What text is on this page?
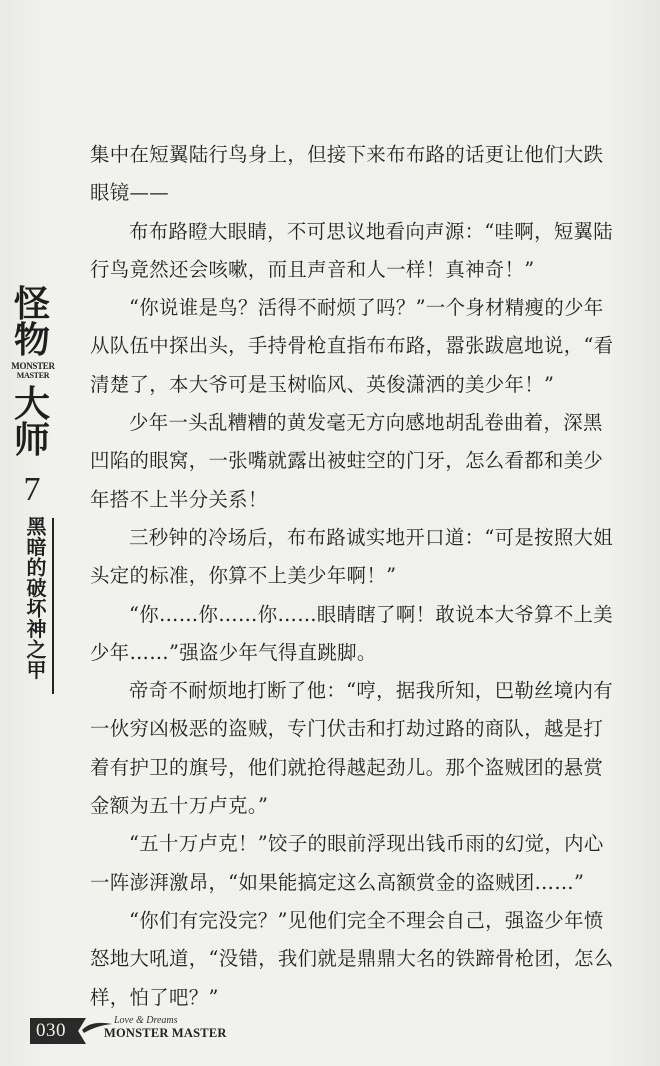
怪
物
MONSTER
MASTER
大
师
7
黑暗的破坏神之甲

集中在短翼陆行鸟身上，但接下来布布路的话更让他们大跌眼镜——

布布路瞪大眼睛，不可思议地看向声源：“哇啊，短翼陆行鸟竟然还会咳嗽，而且声音和人一样！真神奇！”

“你说谁是鸟？活得不耐烦了吗？”一个身材精瘦的少年从队伍中探出头，手持骨枪直指布布路，嚣张跋扈地说，“看清楚了，本大爷可是玉树临风、英俊潇洒的美少年！”

少年一头乱糟糟的黄发毫无方向感地胡乱卷曲着，深黑凹陷的眼窝，一张嘴就露出被蛀空的门牙，怎么看都和美少年搭不上半分关系！

三秒钟的冷场后，布布路诚实地开口道：“可是按照大姐头定的标准，你算不上美少年啊！”

“你……你……你……眼睛瞎了啊！敢说本大爷算不上美少年……”强盗少年气得直跳脚。

帝奇不耐烦地打断了他：“哼，据我所知，巴勒丝境内有一伙穷凶极恶的盗贼，专门伏击和打劫过路的商队，越是打着有护卫的旗号，他们就抢得越起劲儿。那个盗贼团的悬赏金额为五十万卢克。”

“五十万卢克！”饺子的眼前浮现出钱币雨的幻觉，内心一阵澎湃激昂，“如果能搞定这么高额赏金的盗贼团……”

“你们有完没完？”见他们完全不理会自己，强盗少年愤怒地大吼道，“没错，我们就是鼎鼎大名的铁蹄骨枪团，怎么样，怕了吧？”

030	Love & Dreams
MONSTER MASTER
